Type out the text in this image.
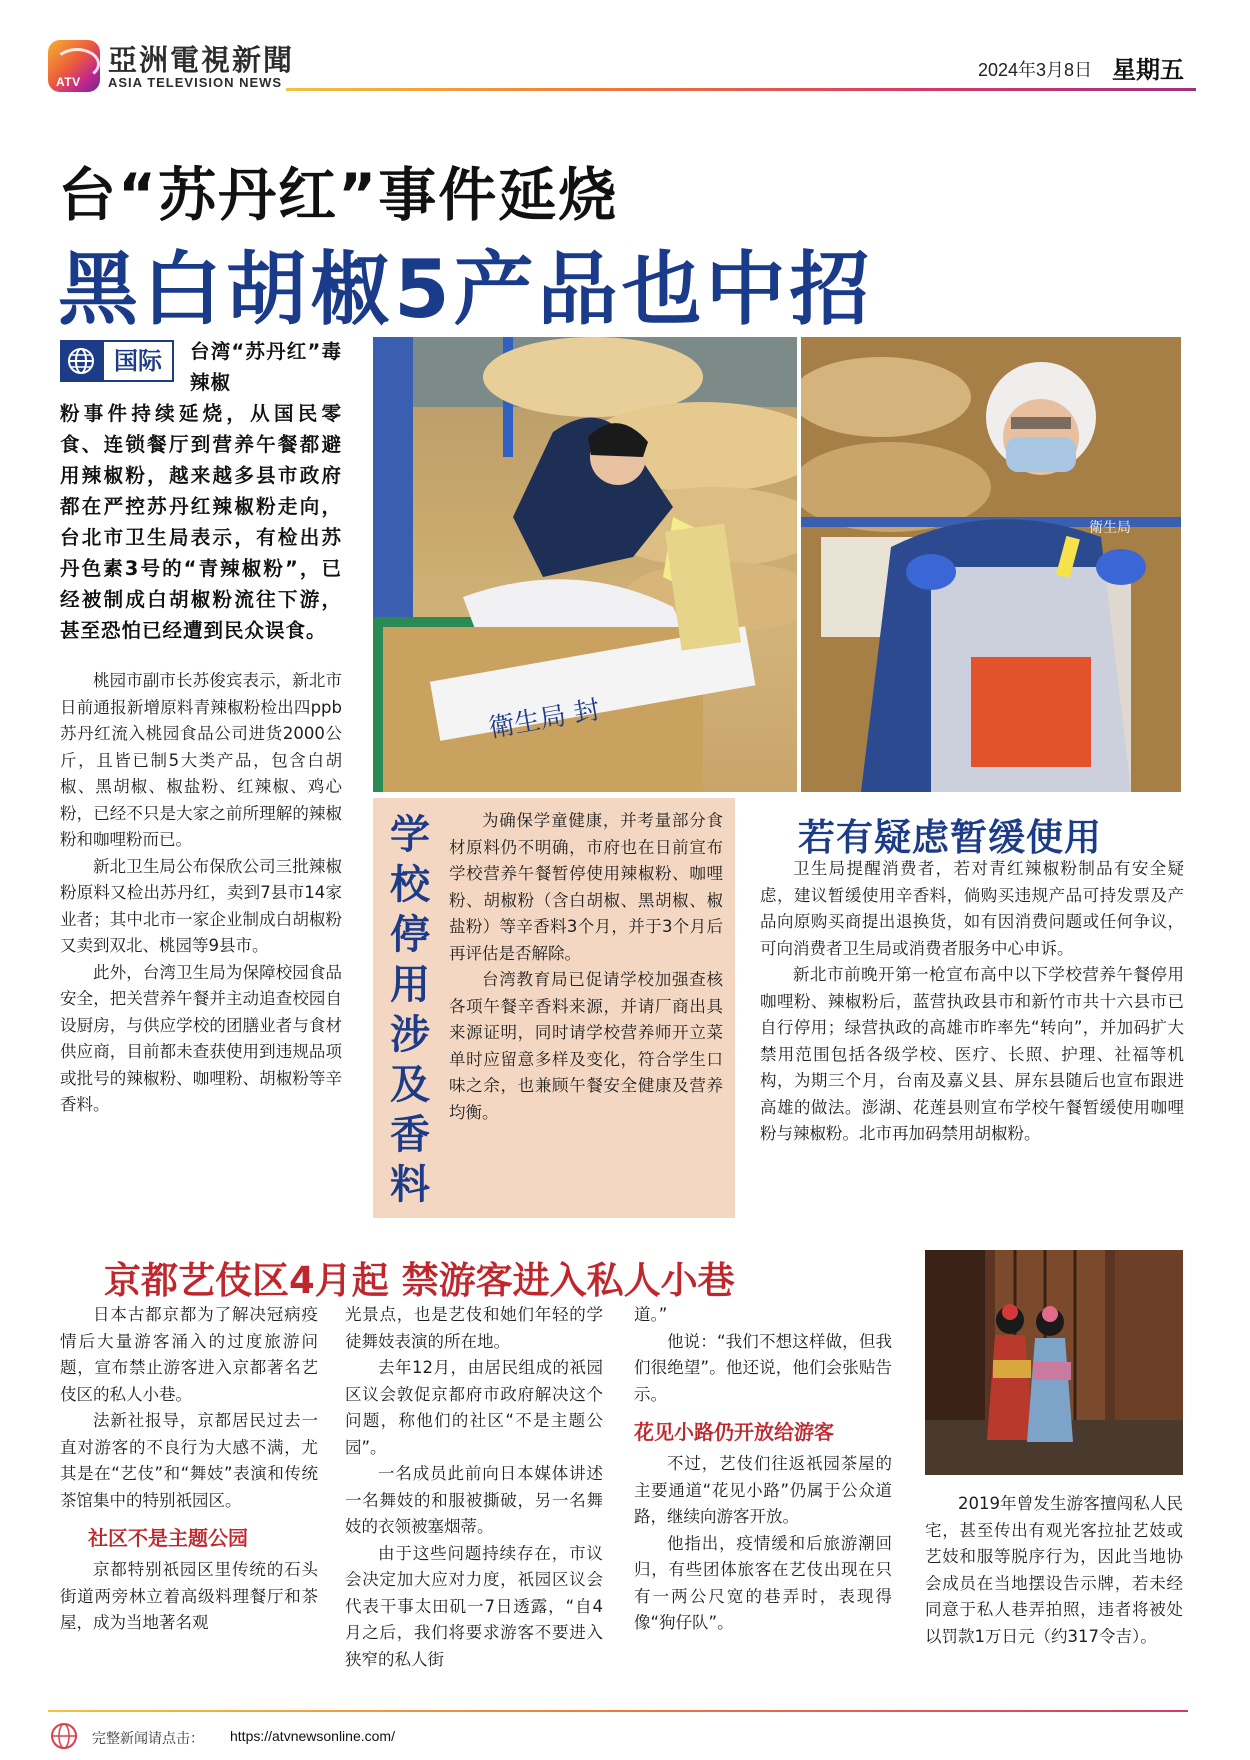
ATV
亞洲電視新聞
ASIA TELEVISION NEWS
2024年3月8日 星期五
台“苏丹红”事件延烧
黑白胡椒5产品也中招
国际	台湾“苏丹红”毒辣椒

粉事件持续延烧，从国民零食、连锁餐厅到营养午餐都避用辣椒粉，越来越多县市政府都在严控苏丹红辣椒粉走向，台北市卫生局表示，有检出苏丹色素3号的“青辣椒粉”，已经被制成白胡椒粉流往下游，甚至恐怕已经遭到民众误食。

桃园市副市长苏俊宾表示，新北市日前通报新增原料青辣椒粉检出四ppb苏丹红流入桃园食品公司进货2000公斤，且皆已制5大类产品，包含白胡椒、黑胡椒、椒盐粉、红辣椒、鸡心粉，已经不只是大家之前所理解的辣椒粉和咖哩粉而已。

新北卫生局公布保欣公司三批辣椒粉原料又检出苏丹红，卖到7县市14家业者；其中北市一家企业制成白胡椒粉又卖到双北、桃园等9县市。

此外，台湾卫生局为保障校园食品安全，把关营养午餐并主动追查校园自设厨房，与供应学校的团膳业者与食材供应商，目前都未查获使用到违规品项或批号的辣椒粉、咖哩粉、胡椒粉等辛香料。

衛生局 封
衛生局
学校停用涉及香料

为确保学童健康，并考量部分食材原料仍不明确，市府也在日前宣布学校营养午餐暂停使用辣椒粉、咖哩粉、胡椒粉（含白胡椒、黑胡椒、椒盐粉）等辛香料3个月，并于3个月后再评估是否解除。

台湾教育局已促请学校加强查核各项午餐辛香料来源，并请厂商出具来源证明，同时请学校营养师开立菜单时应留意多样及变化，符合学生口味之余，也兼顾午餐安全健康及营养均衡。

若有疑虑暂缓使用

卫生局提醒消费者，若对青红辣椒粉制品有安全疑虑，建议暂缓使用辛香料，倘购买违规产品可持发票及产品向原购买商提出退换货，如有因消费问题或任何争议，可向消费者卫生局或消费者服务中心申诉。

新北市前晚开第一枪宣布高中以下学校营养午餐停用咖哩粉、辣椒粉后，蓝营执政县市和新竹市共十六县市已自行停用；绿营执政的高雄市昨率先“转向”，并加码扩大禁用范围包括各级学校、医疗、长照、护理、社福等机构，为期三个月，台南及嘉义县、屏东县随后也宣布跟进高雄的做法。澎湖、花莲县则宣布学校午餐暂缓使用咖哩粉与辣椒粉。北市再加码禁用胡椒粉。

京都艺伎区4月起 禁游客进入私人小巷

日本古都京都为了解决冠病疫情后大量游客涌入的过度旅游问题，宣布禁止游客进入京都著名艺伎区的私人小巷。

法新社报导，京都居民过去一直对游客的不良行为大感不满，尤其是在“艺伎”和“舞妓”表演和传统茶馆集中的特别祇园区。

社区不是主题公园

京都特别祇园区里传统的石头街道两旁林立着高级料理餐厅和茶屋，成为当地著名观

光景点，也是艺伎和她们年轻的学徒舞妓表演的所在地。

去年12月，由居民组成的祇园区议会敦促京都府市政府解决这个问题，称他们的社区“不是主题公园”。

一名成员此前向日本媒体讲述一名舞妓的和服被撕破，另一名舞妓的衣领被塞烟蒂。

由于这些问题持续存在，市议会决定加大应对力度，祇园区议会代表干事太田矶一7日透露，“自4月之后，我们将要求游客不要进入狭窄的私人街

道。”

他说：“我们不想这样做，但我们很绝望”。他还说，他们会张贴告示。

花见小路仍开放给游客

不过，艺伎们往返祇园茶屋的主要通道“花见小路”仍属于公众道路，继续向游客开放。

他指出，疫情缓和后旅游潮回归，有些团体旅客在艺伎出现在只有一两公尺宽的巷弄时，表现得像“狗仔队”。

2019年曾发生游客擅闯私人民宅，甚至传出有观光客拉扯艺妓或艺妓和服等脱序行为，因此当地协会成员在当地摆设告示牌，若未经同意于私人巷弄拍照，违者将被处以罚款1万日元（约317令吉）。

完整新闻请点击： https://atvnewsonline.com/
